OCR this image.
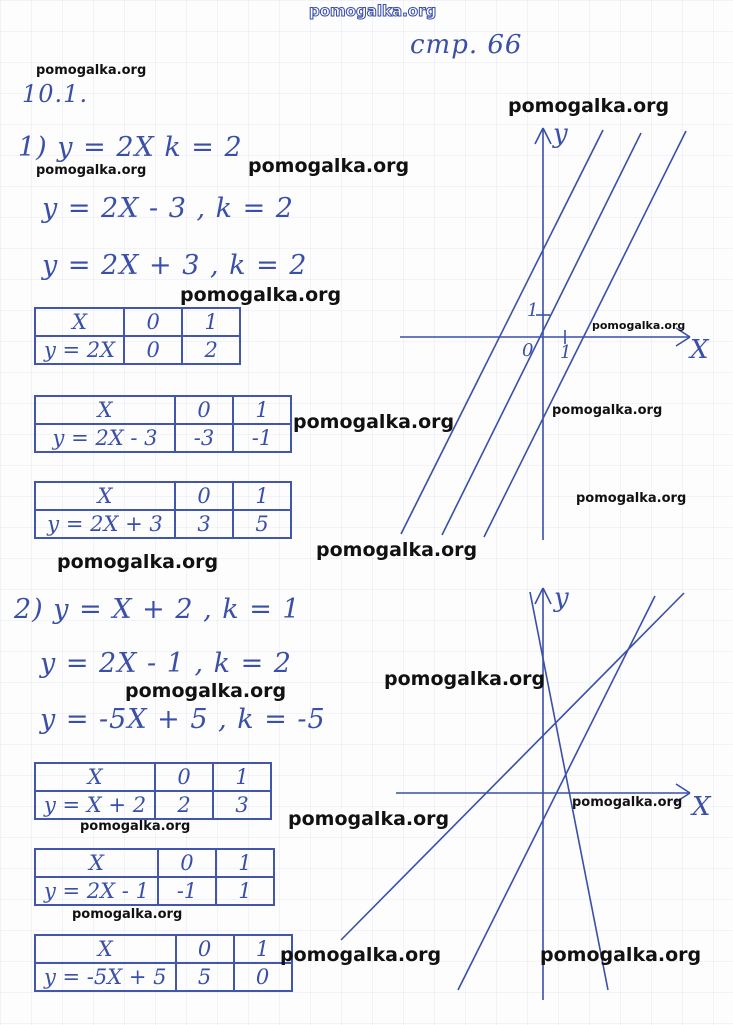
pomogalka.org
стр. 66
10.1.
1) y = 2X k = 2
y = 2X - 3 , k = 2
y = 2X + 3 , k = 2
X	0	1
y = 2X	0	2
X	0	1
y = 2X - 3	-3	-1
X	0	1
y = 2X + 3	3	5
X
y
0 1
1
2) y = X + 2 , k = 1
y = 2X - 1 , k = 2
y = -5X + 5 , k = -5
X	0	1
y = X + 2	2	3
X	0	1
y = 2X - 1	-1	1
X	0	1
y = -5X + 5	5	0
X
y
pomogalka.org
pomogalka.org
pomogalka.org	pomogalka.org
pomogalka.org
pomogalka.org
pomogalka.org
pomogalka.org
pomogalka.org
pomogalka.org
pomogalka.org
pomogalka.org
pomogalka.org
pomogalka.org
pomogalka.org
pomogalka.org
pomogalka.org
pomogalka.org	pomogalka.org
